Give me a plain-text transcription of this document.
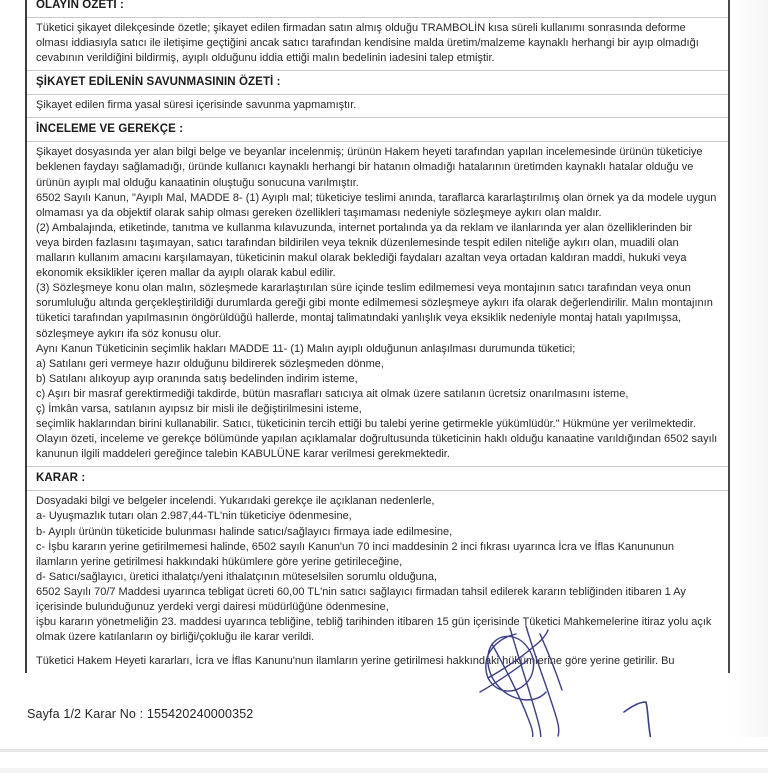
OLAYIN ÖZETİ :

Tüketici şikayet dilekçesinde özetle; şikayet edilen firmadan satın almış olduğu TRAMBOLİN kısa süreli kullanımı sonrasında deforme olması iddiasıyla satıcı ile iletişime geçtiğini ancak satıcı tarafından kendisine malda üretim/malzeme kaynaklı herhangi bir ayıp olmadığı cevabının verildiğini bildirmiş, ayıplı olduğunu iddia ettiği malın bedelinin iadesini talep etmiştir.

ŞİKAYET EDİLENİN SAVUNMASININ ÖZETİ :

Şikayet edilen firma yasal süresi içerisinde savunma yapmamıştır.

İNCELEME VE GEREKÇE :

Şikayet dosyasında yer alan bilgi belge ve beyanlar incelenmiş; ürünün Hakem heyeti tarafından yapılan incelemesinde ürünün tüketiciye beklenen faydayı sağlamadığı, üründe kullanıcı kaynaklı herhangi bir hatanın olmadığı hatalarının üretimden kaynaklı hatalar olduğu ve ürünün ayıplı mal olduğu kanaatinin oluştuğu sonucuna varılmıştır.

6502 Sayılı Kanun, "Ayıplı Mal, MADDE 8- (1) Ayıplı mal; tüketiciye teslimi anında, taraflarca kararlaştırılmış olan örnek ya da modele uygun olmaması ya da objektif olarak sahip olması gereken özellikleri taşımaması nedeniyle sözleşmeye aykırı olan maldır.

(2) Ambalajında, etiketinde, tanıtma ve kullanma kılavuzunda, internet portalında ya da reklam ve ilanlarında yer alan özelliklerinden bir veya birden fazlasını taşımayan, satıcı tarafından bildirilen veya teknik düzenlemesinde tespit edilen niteliğe aykırı olan, muadili olan malların kullanım amacını karşılamayan, tüketicinin makul olarak beklediği faydaları azaltan veya ortadan kaldıran maddi, hukuki veya ekonomik eksiklikler içeren mallar da ayıplı olarak kabul edilir.

(3) Sözleşmeye konu olan malın, sözleşmede kararlaştırılan süre içinde teslim edilmemesi veya montajının satıcı tarafından veya onun sorumluluğu altında gerçekleştirildiği durumlarda gereği gibi monte edilmemesi sözleşmeye aykırı ifa olarak değerlendirilir. Malın montajının tüketici tarafından yapılmasının öngörüldüğü hallerde, montaj talimatındaki yanlışlık veya eksiklik nedeniyle montaj hatalı yapılmışsa, sözleşmeye aykırı ifa söz konusu olur.

Aynı Kanun Tüketicinin seçimlik hakları MADDE 11- (1) Malın ayıplı olduğunun anlaşılması durumunda tüketici;

a) Satılanı geri vermeye hazır olduğunu bildirerek sözleşmeden dönme,

b) Satılanı alıkoyup ayıp oranında satış bedelinden indirim isteme,

c) Aşırı bir masraf gerektirmediği takdirde, bütün masrafları satıcıya ait olmak üzere satılanın ücretsiz onarılmasını isteme,

ç) İmkân varsa, satılanın ayıpsız bir misli ile değiştirilmesini isteme,

seçimlik haklarından birini kullanabilir. Satıcı, tüketicinin tercih ettiği bu talebi yerine getirmekle yükümlüdür." Hükmüne yer verilmektedir.

Olayın özeti, inceleme ve gerekçe bölümünde yapılan açıklamalar doğrultusunda tüketicinin haklı olduğu kanaatine varıldığından 6502 sayılı kanunun ilgili maddeleri gereğince talebin KABULÜNE karar verilmesi gerekmektedir.

KARAR :

Dosyadaki bilgi ve belgeler incelendi. Yukarıdaki gerekçe ile açıklanan nedenlerle,

a- Uyuşmazlık tutarı olan 2.987,44-TL'nin tüketiciye ödenmesine,

b- Ayıplı ürünün tüketicide bulunması halinde satıcı/sağlayıcı firmaya iade edilmesine,

c- İşbu kararın yerine getirilmemesi halinde, 6502 sayılı Kanun'un 70 inci maddesinin 2 inci fıkrası uyarınca İcra ve İflas Kanununun ilamların yerine getirilmesi hakkındaki hükümlere göre yerine getirileceğine,

d- Satıcı/sağlayıcı, üretici ithalatçı/yeni ithalatçının müteselsilen sorumlu olduğuna,

6502 Sayılı 70/7 Maddesi uyarınca tebligat ücreti 60,00 TL'nin satıcı sağlayıcı firmadan tahsil edilerek kararın tebliğinden itibaren 1 Ay içerisinde bulunduğunuz yerdeki vergi dairesi müdürlüğüne ödenmesine,

işbu kararın yönetmeliğin 23. maddesi uyarınca tebliğine, tebliğ tarihinden itibaren 15 gün içerisinde Tüketici Mahkemelerine itiraz yolu açık olmak üzere katılanların oy birliği/çokluğu ile karar verildi.

Tüketici Hakem Heyeti kararları, İcra ve İflas Kanunu'nun ilamların yerine getirilmesi hakkındaki hükümlerine göre yerine getirilir. Bu

Sayfa 1/2 Karar No : 155420240000352
